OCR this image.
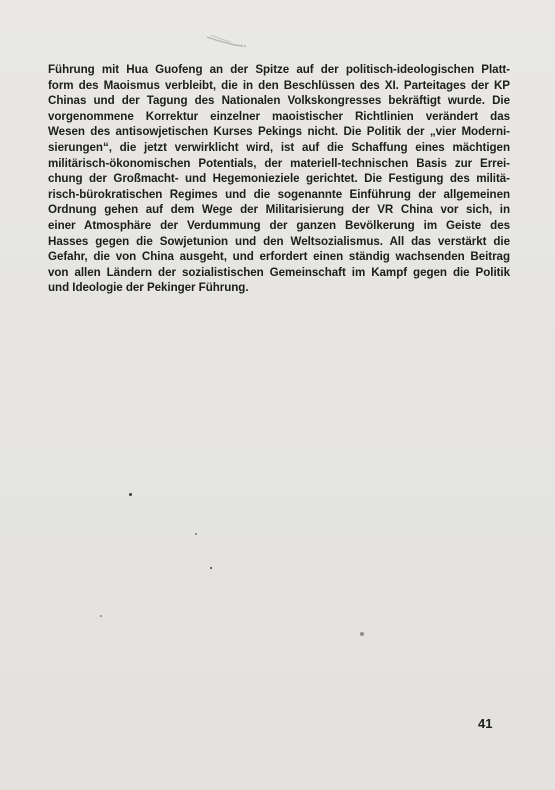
Führung mit Hua Guofeng an der Spitze auf der politisch-ideologischen Platt-
form des Maoismus verbleibt, die in den Beschlüssen des XI. Parteitages der KP
Chinas und der Tagung des Nationalen Volkskongresses bekräftigt wurde. Die
vorgenommene Korrektur einzelner maoistischer Richtlinien verändert das
Wesen des antisowjetischen Kurses Pekings nicht. Die Politik der „vier Moderni-
sierungen“, die jetzt verwirklicht wird, ist auf die Schaffung eines mächtigen
militärisch-ökonomischen Potentials, der materiell-technischen Basis zur Errei-
chung der Großmacht- und Hegemonieziele gerichtet. Die Festigung des militä-
risch-bürokratischen Regimes und die sogenannte Einführung der allgemeinen
Ordnung gehen auf dem Wege der Militarisierung der VR China vor sich, in
einer Atmosphäre der Verdummung der ganzen Bevölkerung im Geiste des
Hasses gegen die Sowjetunion und den Weltsozialismus. All das verstärkt die
Gefahr, die von China ausgeht, und erfordert einen ständig wachsenden Beitrag
von allen Ländern der sozialistischen Gemeinschaft im Kampf gegen die Politik
und Ideologie der Pekinger Führung.

41
